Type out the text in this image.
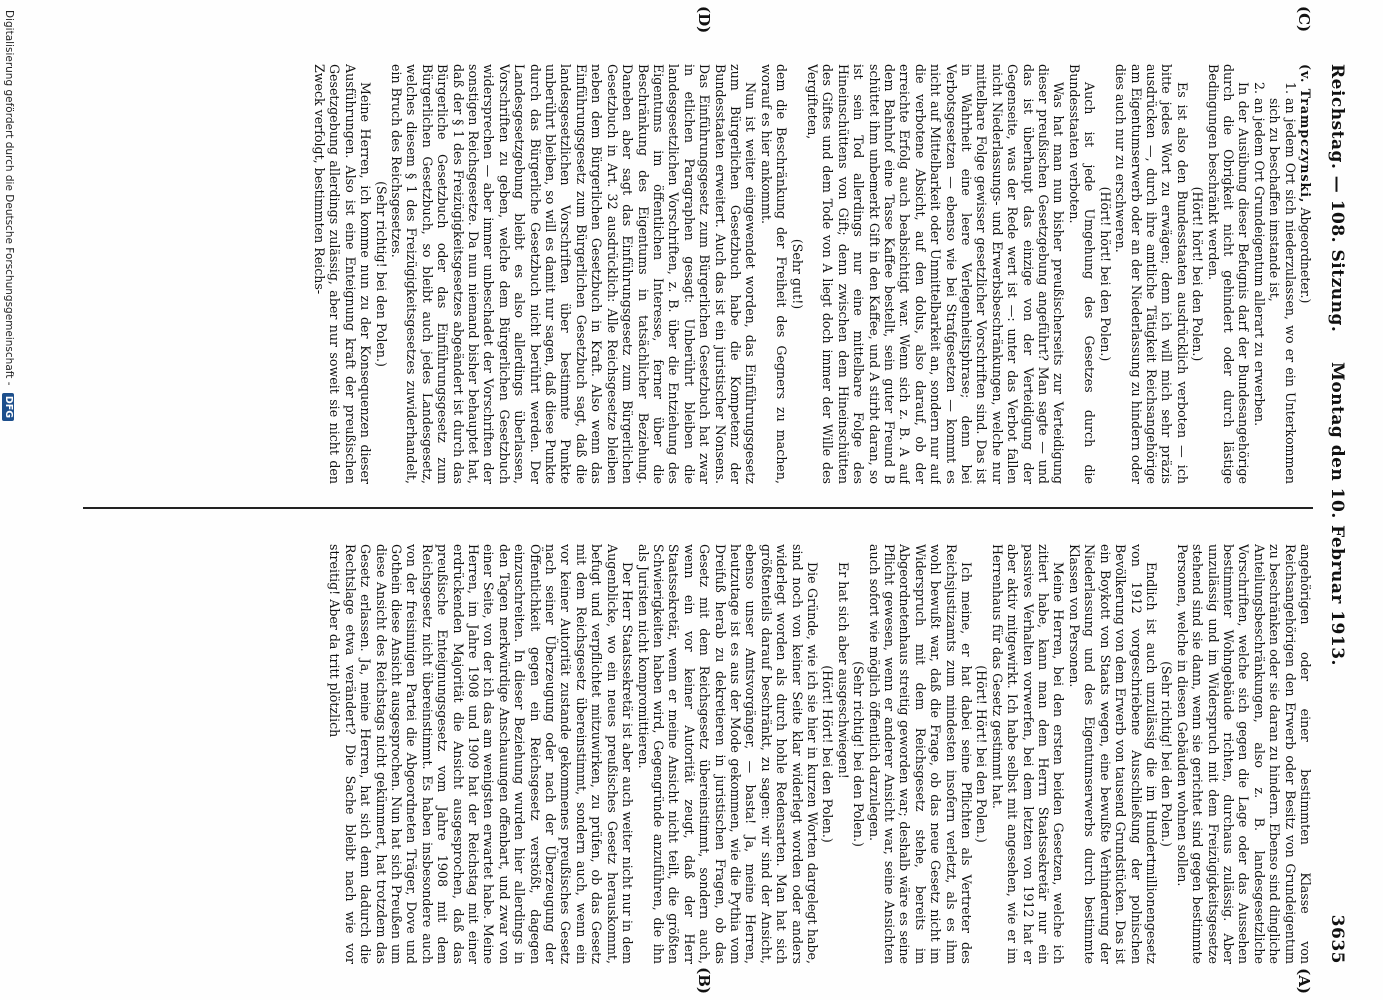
Reichstag. — 108. Sitzung.
Montag den 10. Februar 1913.
3635
(C)
(D)
(A)
(B)

(v. Trampczynski, Abgeordneter.)

1. an jedem Ort sich niederzulassen, wo er ein Unterkommen sich zu beschaffen imstande ist,
2. an jedem Ort Grundeigentum allerart zu erwerben.

In der Ausübung dieser Befugnis darf der Bundesangehörige durch die Obrigkeit nicht gehindert oder durch lästige Bedingungen beschränkt werden.

(Hört! hört! bei den Polen.)

Es ist also den Bundesstaaten ausdrücklich verboten — ich bitte jedes Wort zu erwägen; denn ich will mich sehr präzis ausdrücken —, durch ihre amtliche Tätigkeit Reichsangehörige am Eigentumserwerb oder an der Niederlassung zu hindern oder dies auch nur zu erschweren.

(Hört! hört! bei den Polen.)

Auch ist jede Umgehung des Gesetzes durch die Bundesstaaten verboten.

Was hat man nun bisher preußischerseits zur Verteidigung dieser preußischen Gesetzgebung angeführt? Man sagte — und das ist überhaupt das einzige von der Verteidigung der Gegenseite, was der Rede wert ist —: unter das Verbot fallen nicht Niederlassungs- und Erwerbsbeschränkungen, welche nur mittelbare Folge gewisser gesetzlicher Vorschriften sind. Das ist in Wahrheit eine leere Verlegenheitsphrase; denn bei Verbotsgesetzen — ebenso wie bei Strafgesetzen — kommt es nicht auf Mittelbarkeit oder Unmittelbarkeit an, sondern nur auf die verbotene Absicht, auf den dolus, also darauf, ob der erreichte Erfolg auch beabsichtigt war. Wenn sich z. B. A auf dem Bahnhof eine Tasse Kaffee bestellt, sein guter Freund B schüttet ihm unbemerkt Gift in den Kaffee, und A stirbt daran, so ist sein Tod allerdings nur eine mittelbare Folge des Hineinschüttens von Gift; denn zwischen dem Hineinschütten des Giftes und dem Tode von A liegt doch immer der Wille des Vergifteten,

(Sehr gut!)

dem die Beschränkung der Freiheit des Gegners zu machen, worauf es hier ankommt.

Nun ist weiter eingewendet worden, das Einführungsgesetz zum Bürgerlichen Gesetzbuch habe die Kompetenz der Bundesstaaten erweitert. Auch das ist ein juristischer Nonsens. Das Einführungsgesetz zum Bürgerlichen Gesetzbuch hat zwar in etlichen Paragraphen gesagt: Unberührt bleiben die landesgesetzlichen Vorschriften, z. B. über die Entziehung des Eigentums im öffentlichen Interesse, ferner über die Beschränkung des Eigentums in tatsächlicher Beziehung. Daneben aber sagt das Einführungsgesetz zum Bürgerlichen Gesetzbuch in Art. 32 ausdrücklich: Alle Reichsgesetze bleiben neben dem Bürgerlichen Gesetzbuch in Kraft. Also wenn das Einführungsgesetz zum Bürgerlichen Gesetzbuch sagt, daß die landesgesetzlichen Vorschriften über bestimmte Punkte unberührt bleiben, so will es damit nur sagen, daß diese Punkte durch das Bürgerliche Gesetzbuch nicht berührt werden. Der Landesgesetzgebung bleibt es also allerdings überlassen, Vorschriften zu geben, welche dem Bürgerlichen Gesetzbuch widersprechen — aber immer unbeschadet der Vorschriften der sonstigen Reichsgesetze. Da nun niemand bisher behauptet hat, daß der § 1 des Freizügigkeitsgesetzes abgeändert ist durch das Bürgerliche Gesetzbuch oder das Einführungsgesetz zum Bürgerlichen Gesetzbuch, so bleibt auch jedes Landesgesetz, welches diesem § 1 des Freizügigkeitsgesetzes zuwiderhandelt, ein Bruch des Reichsgesetzes.

(Sehr richtig! bei den Polen.)

Meine Herren, ich komme nun zu der Konsequenzen dieser Ausführungen. Also ist eine Enteignung kraft der preußischen Gesetzgebung allerdings zulässig, aber nur soweit sie nicht den Zweck verfolgt, bestimmten Reichs-

angehörigen oder einer bestimmten Klasse von Reichsangehörigen den Erwerb oder Besitz von Grundeigentum zu beschränken oder sie daran zu hindern. Ebenso sind dingliche Anteilungsbeschränkungen, also z. B. landesgesetzliche Vorschriften, welche sich gegen die Lage oder das Aussehen bestimmter Wohngebäude richten, durchaus zulässig. Aber unzulässig und im Widerspruch mit dem Freizügigkeitsgesetze stehend sind sie dann, wenn sie gerichtet sind gegen bestimmte Personen, welche in diesen Gebäuden wohnen sollen.

(Sehr richtig! bei den Polen.)

Endlich ist auch unzulässig die im Hundertmillionengesetz von 1912 vorgeschriebene Ausschließung der polnischen Bevölkerung von dem Erwerb von tausend Grundstücken. Das ist ein Boykott von Staats wegen, eine bewußte Verhinderung der Niederlassung und des Eigentumserwerbs durch bestimmte Klassen von Personen.

Meine Herren, bei den ersten beiden Gesetzen, welche ich zitiert habe, kann man dem Herrn Staatssekretär nur ein passives Verhalten vorwerfen, bei dem letzten von 1912 hat er aber aktiv mitgewirkt. Ich habe selbst mit angesehen, wie er im Herrenhaus für das Gesetz gestimmt hat.

(Hört! Hört! bei den Polen.)

Ich meine, er hat dabei seine Pflichten als Vertreter des Reichsjustizamts zum mindesten insofern verletzt, als es ihm wohl bewußt war, daß die Frage, ob das neue Gesetz nicht im Widerspruch mit dem Reichsgesetz stehe, bereits im Abgeordnetenhaus streitig geworden war; deshalb wäre es seine Pflicht gewesen, wenn er anderer Ansicht war, seine Ansichten auch sofort wie möglich öffentlich darzulegen.

(Sehr richtig! bei den Polen.)

Er hat sich aber ausgeschwiegen!

(Hört! Hört! bei den Polen.)

Die Gründe, wie ich sie hier in kurzen Worten dargelegt habe, sind noch von keiner Seite klar widerlegt worden oder anders widerlegt worden als durch hohle Redensarten. Man hat sich größtenteils darauf beschränkt, zu sagen: wir sind der Ansicht, ebenso unser Amtsvorgänger, — basta! Ja, meine Herren, heutzutage ist es aus der Mode gekommen, wie die Pythia vom Dreifuß herab zu dekretieren in juristischen Fragen, ob das Gesetz mit dem Reichsgesetz übereinstimmt, sondern auch, wenn ein vor keiner Autorität zeugt, daß der Herr Staatssekretär, wenn er meine Ansicht nicht teilt, die größten Schwierigkeiten haben wird, Gegengründe anzuführen, die ihn als Juristen nicht kompromittieren.

Der Herr Staatssekretär ist aber auch weiter nicht nur in dem Augenblicke, wo ein neues preußisches Gesetz herauskommt, befugt und verpflichtet mitzuwirken, zu prüfen, ob das Gesetz mit dem Reichsgesetz übereinstimmt, sondern auch, wenn ein vor keiner Autorität zustande gekommenes preußisches Gesetz nach seiner Überzeugung oder nach der Überzeugung der Öffentlichkeit gegen ein Reichsgesetz verstößt, dagegen einzuschreiten. In dieser Beziehung wurden hier allerdings in den Tagen merkwürdige Anschauungen offenbart, und zwar von einer Seite, von der ich das am wenigsten erwartet habe. Meine Herren, im Jahre 1908 und 1909 hat der Reichstag mit einer erdrückenden Majorität die Ansicht ausgesprochen, daß das preußische Enteignungsgesetz vom Jahre 1908 mit dem Reichsgesetz nicht übereinstimmt. Es haben insbesondere auch von der freisinnigen Partei die Abgeordneten Träger, Dove und Gothein diese Ansicht ausgesprochen. Nun hat sich Preußen um diese Ansicht des Reichstags nicht gekümmert, hat trotzdem das Gesetz erlassen. Ja, meine Herren, hat sich denn dadurch die Rechtslage etwa verändert? Die Sache bleibt nach wie vor streitig! Aber da tritt plötzlich

Digitalisierung gefördert durch die Deutsche Forschungsgemeinschaft - DFG
